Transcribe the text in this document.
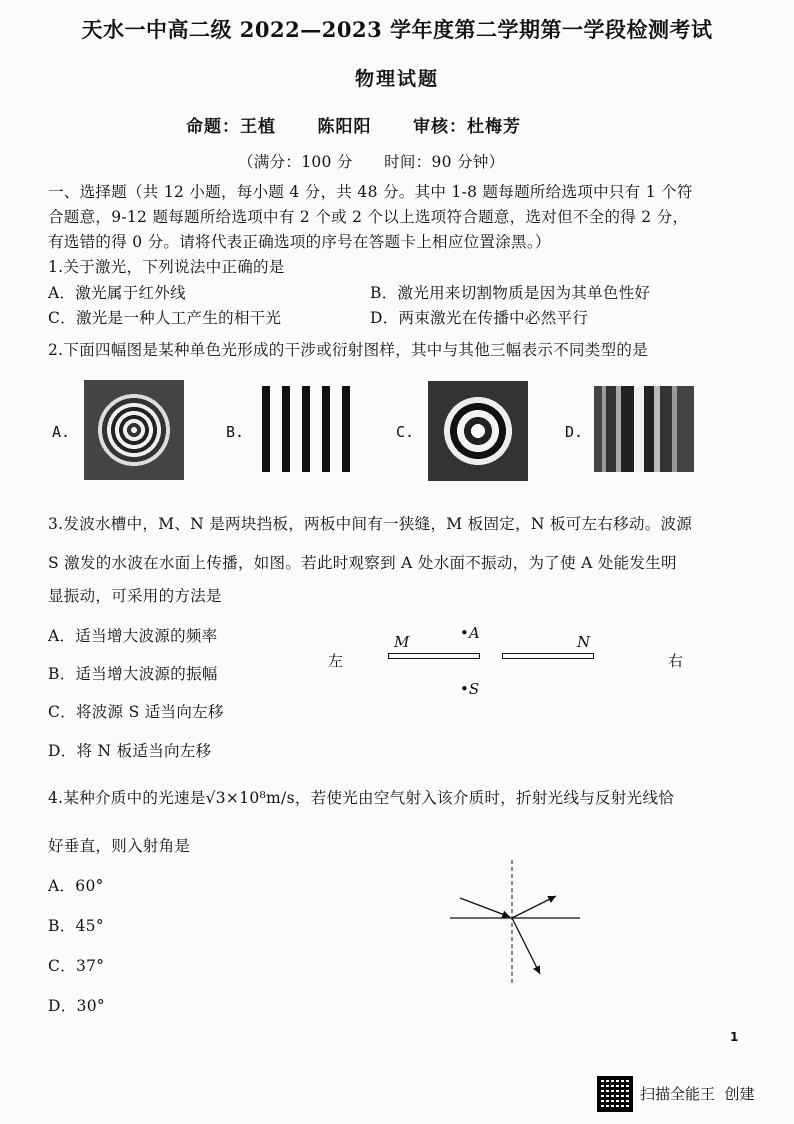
天水一中高二级 2022—2023 学年度第二学期第一学段检测考试
物理试题
命题：王植      陈阳阳      审核：杜梅芳
（满分：100 分      时间：90 分钟）
一、选择题（共 12 小题，每小题 4 分，共 48 分。其中 1-8 题每题所给选项中只有 1 个符
合题意，9-12 题每题所给选项中有 2 个或 2 个以上选项符合题意，选对但不全的得 2 分，
有选错的得 0 分。请将代表正确选项的序号在答题卡上相应位置涂黑。）
1.关于激光，下列说法中正确的是
A．激光属于红外线	B．激光用来切割物质是因为其单色性好
C．激光是一种人工产生的相干光	D．两束激光在传播中必然平行
2.下面四幅图是某种单色光形成的干涉或衍射图样，其中与其他三幅表示不同类型的是
A.	B.	C.	D.
3.发波水槽中，M、N 是两块挡板，两板中间有一狭缝，M 板固定，N 板可左右移动。波源
S 激发的水波在水面上传播，如图。若此时观察到 A 处水面不振动，为了使 A 处能发生明
显振动，可采用的方法是
A．适当增大波源的频率
B．适当增大波源的振幅
C．将波源 S 适当向左移
D．将 N 板适当向左移
左	右
M	N
•A
•S
4.某种介质中的光速是√3×10⁸m/s，若使光由空气射入该介质时，折射光线与反射光线恰
好垂直，则入射角是
A．60°
B．45°
C．37°
D．30°
1
扫描全能王  创建
